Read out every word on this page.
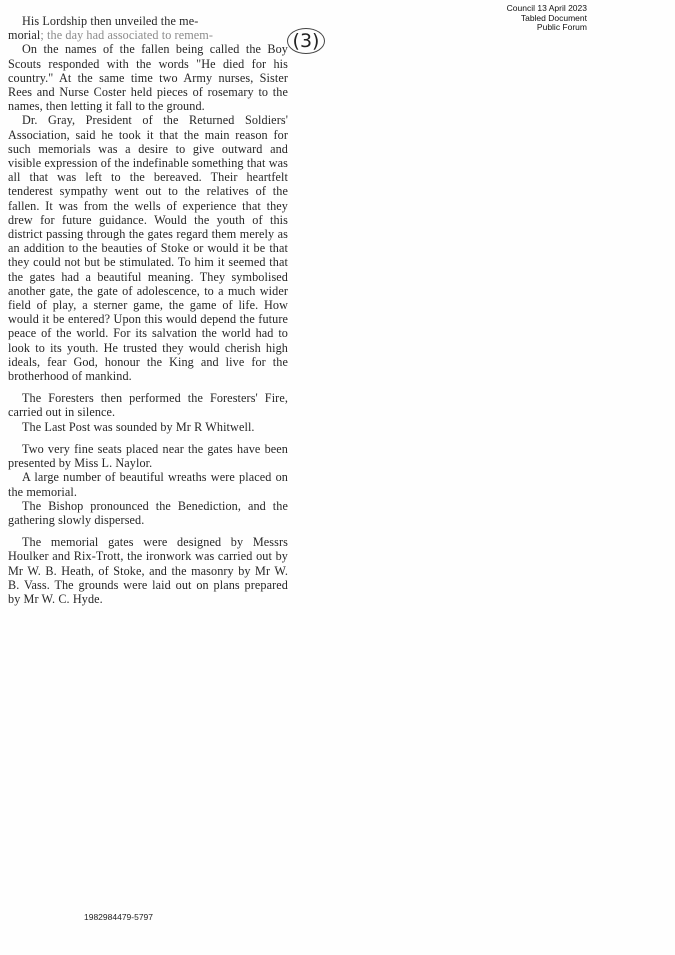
Council 13 April 2023
Tabled Document
Public Forum
(3)

His Lordship then unveiled the me-

morial; the day had associated to remem-

On the names of the fallen being called the Boy Scouts responded with the words "He died for his country." At the same time two Army nurses, Sister Rees and Nurse Coster held pieces of rosemary to the names, then letting it fall to the ground.

Dr. Gray, President of the Returned Soldiers' Association, said he took it that the main reason for such memorials was a desire to give outward and visible expression of the indefinable something that was all that was left to the bereaved. Their heartfelt tenderest sympathy went out to the relatives of the fallen. It was from the wells of experience that they drew for future guidance. Would the youth of this district passing through the gates regard them merely as an addition to the beauties of Stoke or would it be that they could not but be stimulated. To him it seemed that the gates had a beautiful meaning. They symbolised another gate, the gate of adolescence, to a much wider field of play, a sterner game, the game of life. How would it be entered? Upon this would depend the future peace of the world. For its salvation the world had to look to its youth. He trusted they would cherish high ideals, fear God, honour the King and live for the brotherhood of mankind.

The Foresters then performed the Foresters' Fire, carried out in silence.

The Last Post was sounded by Mr R Whitwell.

Two very fine seats placed near the gates have been presented by Miss L. Naylor.

A large number of beautiful wreaths were placed on the memorial.

The Bishop pronounced the Benediction, and the gathering slowly dispersed.

The memorial gates were designed by Messrs Houlker and Rix-Trott, the ironwork was carried out by Mr W. B. Heath, of Stoke, and the masonry by Mr W. B. Vass. The grounds were laid out on plans prepared by Mr W. C. Hyde.

1982984479-5797
